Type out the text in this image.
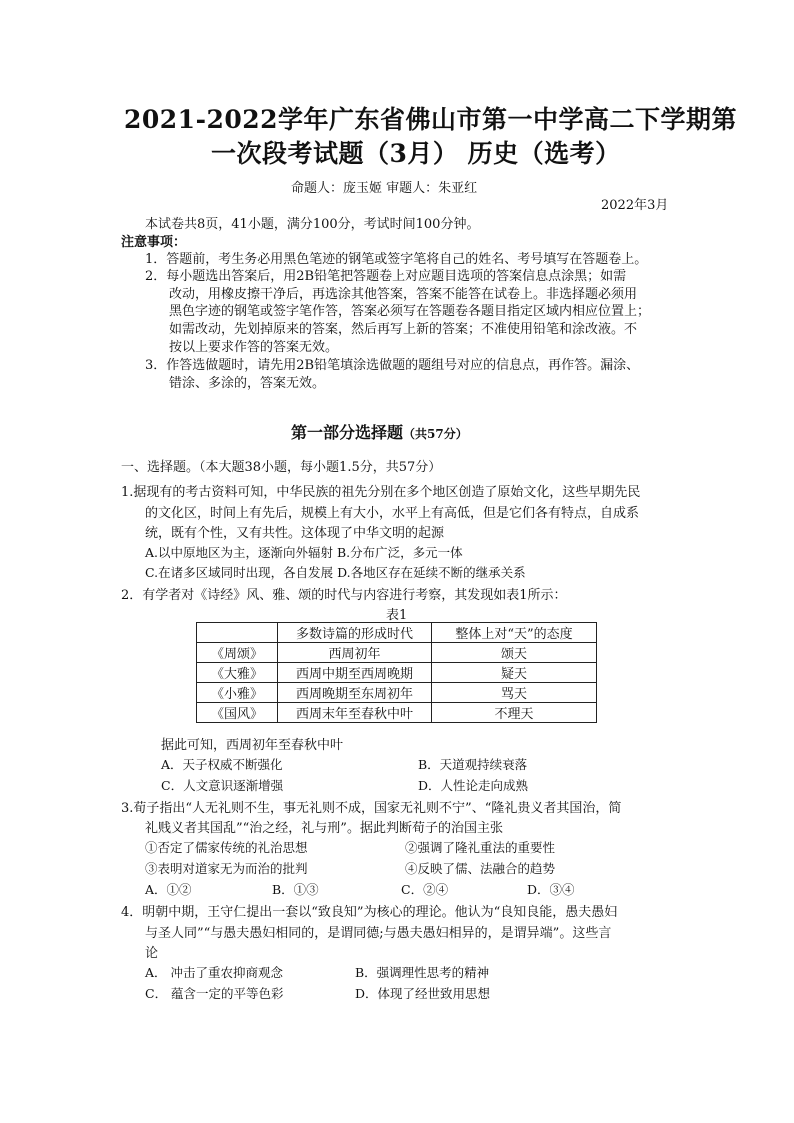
2021-2022学年广东省佛山市第一中学高二下学期第
一次段考试题（3月） 历史（选考）
命题人：庞玉姬 审题人：朱亚红
2022年3月
本试卷共8页，41小题，满分100分，考试时间100分钟。
注意事项：
1．答题前，考生务必用黑色笔迹的钢笔或签字笔将自己的姓名、考号填写在答题卷上。
2．每小题选出答案后，用2B铅笔把答题卷上对应题目选项的答案信息点涂黑；如需
改动，用橡皮擦干净后，再选涂其他答案，答案不能答在试卷上。非选择题必须用
黑色字迹的钢笔或签字笔作答，答案必须写在答题卷各题目指定区域内相应位置上；
如需改动，先划掉原来的答案，然后再写上新的答案；不准使用铅笔和涂改液。不
按以上要求作答的答案无效。
3．作答选做题时，请先用2B铅笔填涂选做题的题组号对应的信息点，再作答。漏涂、
错涂、多涂的，答案无效。
第一部分选择题（共57分）
一、选择题。（本大题38小题，每小题1.5分，共57分）
1.据现有的考古资料可知，中华民族的祖先分别在多个地区创造了原始文化，这些早期先民
的文化区，时间上有先后，规模上有大小，水平上有高低，但是它们各有特点，自成系
统，既有个性，又有共性。这体现了中华文明的起源
A.以中原地区为主，逐渐向外辐射 B.分布广泛，多元一体
C.在诸多区域同时出现，各自发展 D.各地区存在延续不断的继承关系
2．有学者对《诗经》风、雅、颂的时代与内容进行考察，其发现如表1所示：
表1
	多数诗篇的形成时代	整体上对“天”的态度
《周颂》	西周初年	颂天
《大雅》	西周中期至西周晚期	疑天
《小雅》	西周晚期至东周初年	骂天
《国风》	西周末年至春秋中叶	不理天
据此可知，西周初年至春秋中叶
A．天子权威不断强化	B．天道观持续衰落
C．人文意识逐渐增强	D．人性论走向成熟
3.荀子指出“人无礼则不生，事无礼则不成，国家无礼则不宁”、“隆礼贵义者其国治，简
礼贱义者其国乱”“治之经，礼与刑”。据此判断荀子的治国主张
①否定了儒家传统的礼治思想	②强调了隆礼重法的重要性
③表明对道家无为而治的批判	④反映了儒、法融合的趋势
A．①②	B．①③	C．②④	D．③④
4．明朝中期，王守仁提出一套以“致良知”为核心的理论。他认为“良知良能，愚夫愚妇
与圣人同”“与愚夫愚妇相同的，是谓同德;与愚夫愚妇相异的，是谓异端”。这些言
论
A． 冲击了重农抑商观念	B．强调理性思考的精神
C． 蕴含一定的平等色彩	D．体现了经世致用思想
